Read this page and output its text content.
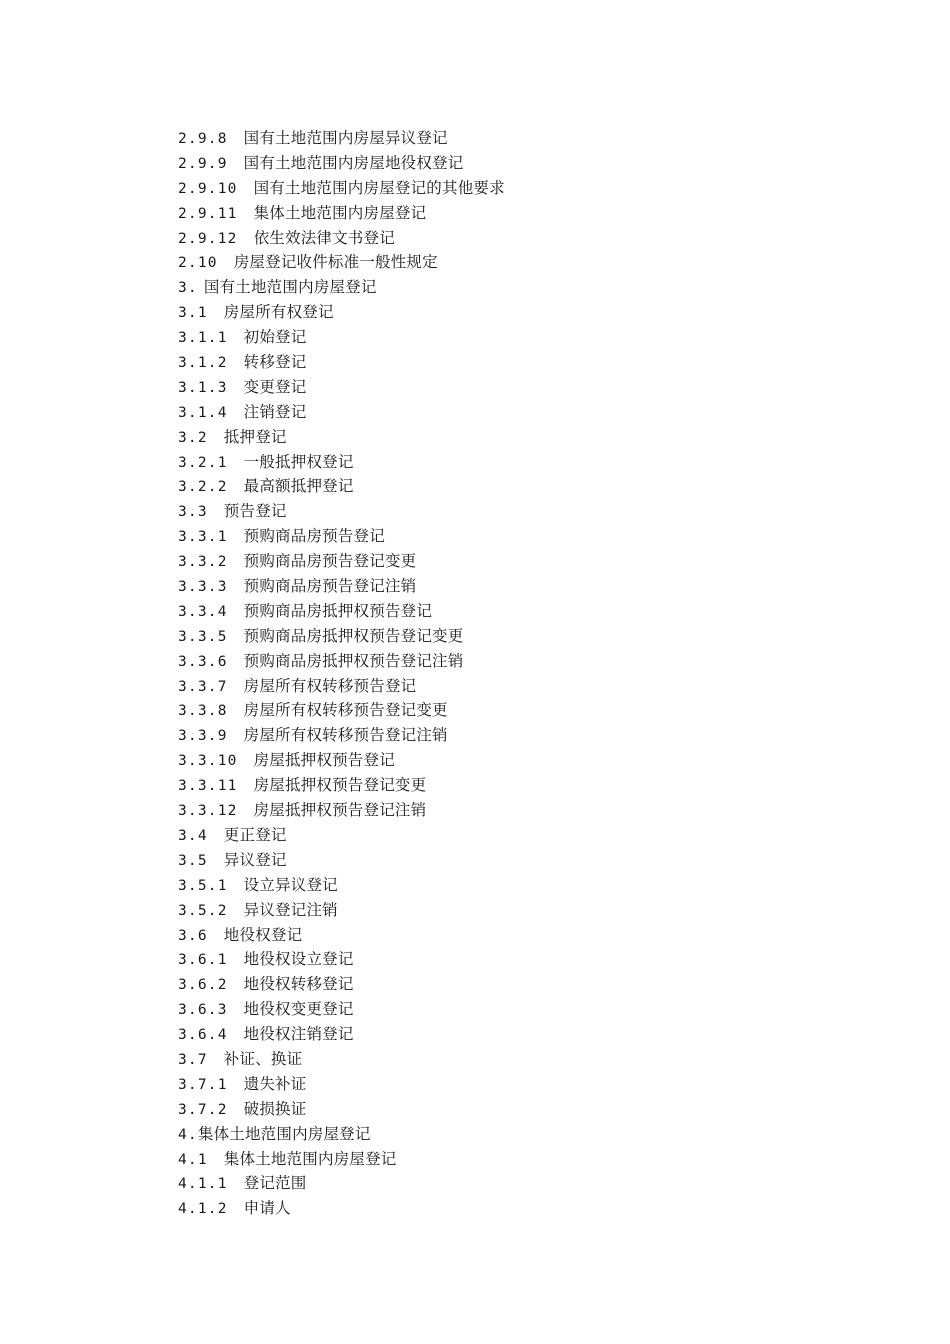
2.9.8 国有土地范围内房屋异议登记
2.9.9 国有土地范围内房屋地役权登记
2.9.10 国有土地范围内房屋登记的其他要求
2.9.11 集体土地范围内房屋登记
2.9.12 依生效法律文书登记
2.10 房屋登记收件标准一般性规定
3. 国有土地范围内房屋登记
3.1 房屋所有权登记
3.1.1 初始登记
3.1.2 转移登记
3.1.3 变更登记
3.1.4 注销登记
3.2 抵押登记
3.2.1 一般抵押权登记
3.2.2 最高额抵押登记
3.3 预告登记
3.3.1 预购商品房预告登记
3.3.2 预购商品房预告登记变更
3.3.3 预购商品房预告登记注销
3.3.4 预购商品房抵押权预告登记
3.3.5 预购商品房抵押权预告登记变更
3.3.6 预购商品房抵押权预告登记注销
3.3.7 房屋所有权转移预告登记
3.3.8 房屋所有权转移预告登记变更
3.3.9 房屋所有权转移预告登记注销
3.3.10 房屋抵押权预告登记
3.3.11 房屋抵押权预告登记变更
3.3.12 房屋抵押权预告登记注销
3.4 更正登记
3.5 异议登记
3.5.1 设立异议登记
3.5.2 异议登记注销
3.6 地役权登记
3.6.1 地役权设立登记
3.6.2 地役权转移登记
3.6.3 地役权变更登记
3.6.4 地役权注销登记
3.7 补证、换证
3.7.1 遗失补证
3.7.2 破损换证
4.集体土地范围内房屋登记
4.1 集体土地范围内房屋登记
4.1.1 登记范围
4.1.2 申请人
